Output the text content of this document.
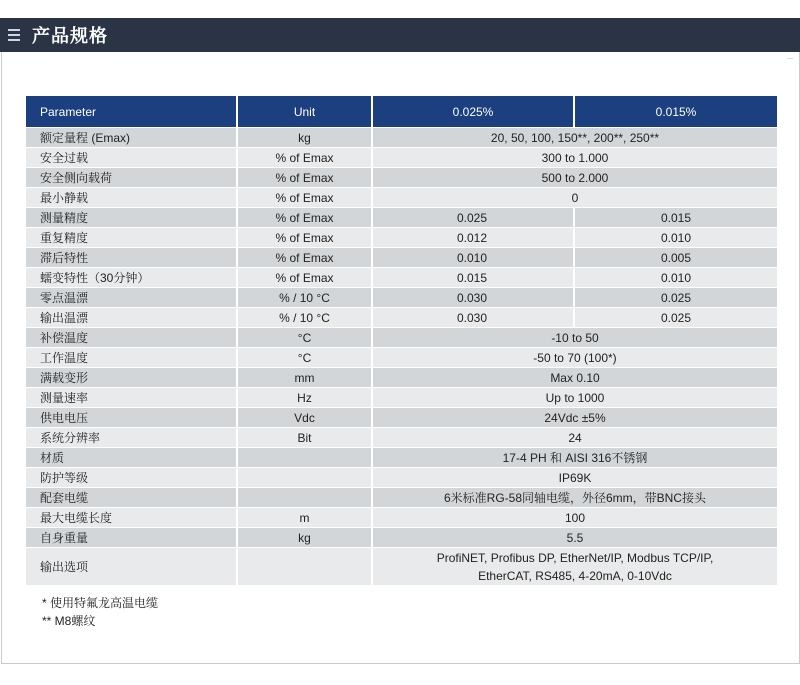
产品规格
Parameter	Unit	0.025%	0.015%
额定量程 (Emax)	kg	20, 50, 100, 150**, 200**, 250**	
安全过载	% of Emax	300 to 1.000	
安全侧向载荷	% of Emax	500 to 2.000	
最小静载	% of Emax	0	
测量精度	% of Emax	0.025	0.015
重复精度	% of Emax	0.012	0.010
滞后特性	% of Emax	0.010	0.005
蠕变特性（30分钟）	% of Emax	0.015	0.010
零点温漂	% / 10 °C	0.030	0.025
输出温漂	% / 10 °C	0.030	0.025
补偿温度	°C	-10 to 50	
工作温度	°C	-50 to 70 (100*)	
满载变形	mm	Max 0.10	
测量速率	Hz	Up to 1000	
供电电压	Vdc	24Vdc ±5%	
系统分辨率	Bit	24	
材质		17-4 PH 和 AISI 316不锈钢	
防护等级		IP69K	
配套电缆		6米标准RG-58同轴电缆，外径6mm，带BNC接头	
最大电缆长度	m	100	
自身重量	kg	5.5	
输出选项		ProfiNET, Profibus DP, EtherNet/IP, Modbus TCP/IP,
EtherCAT, RS485, 4-20mA, 0-10Vdc	
* 使用特氟龙高温电缆
** M8螺纹
